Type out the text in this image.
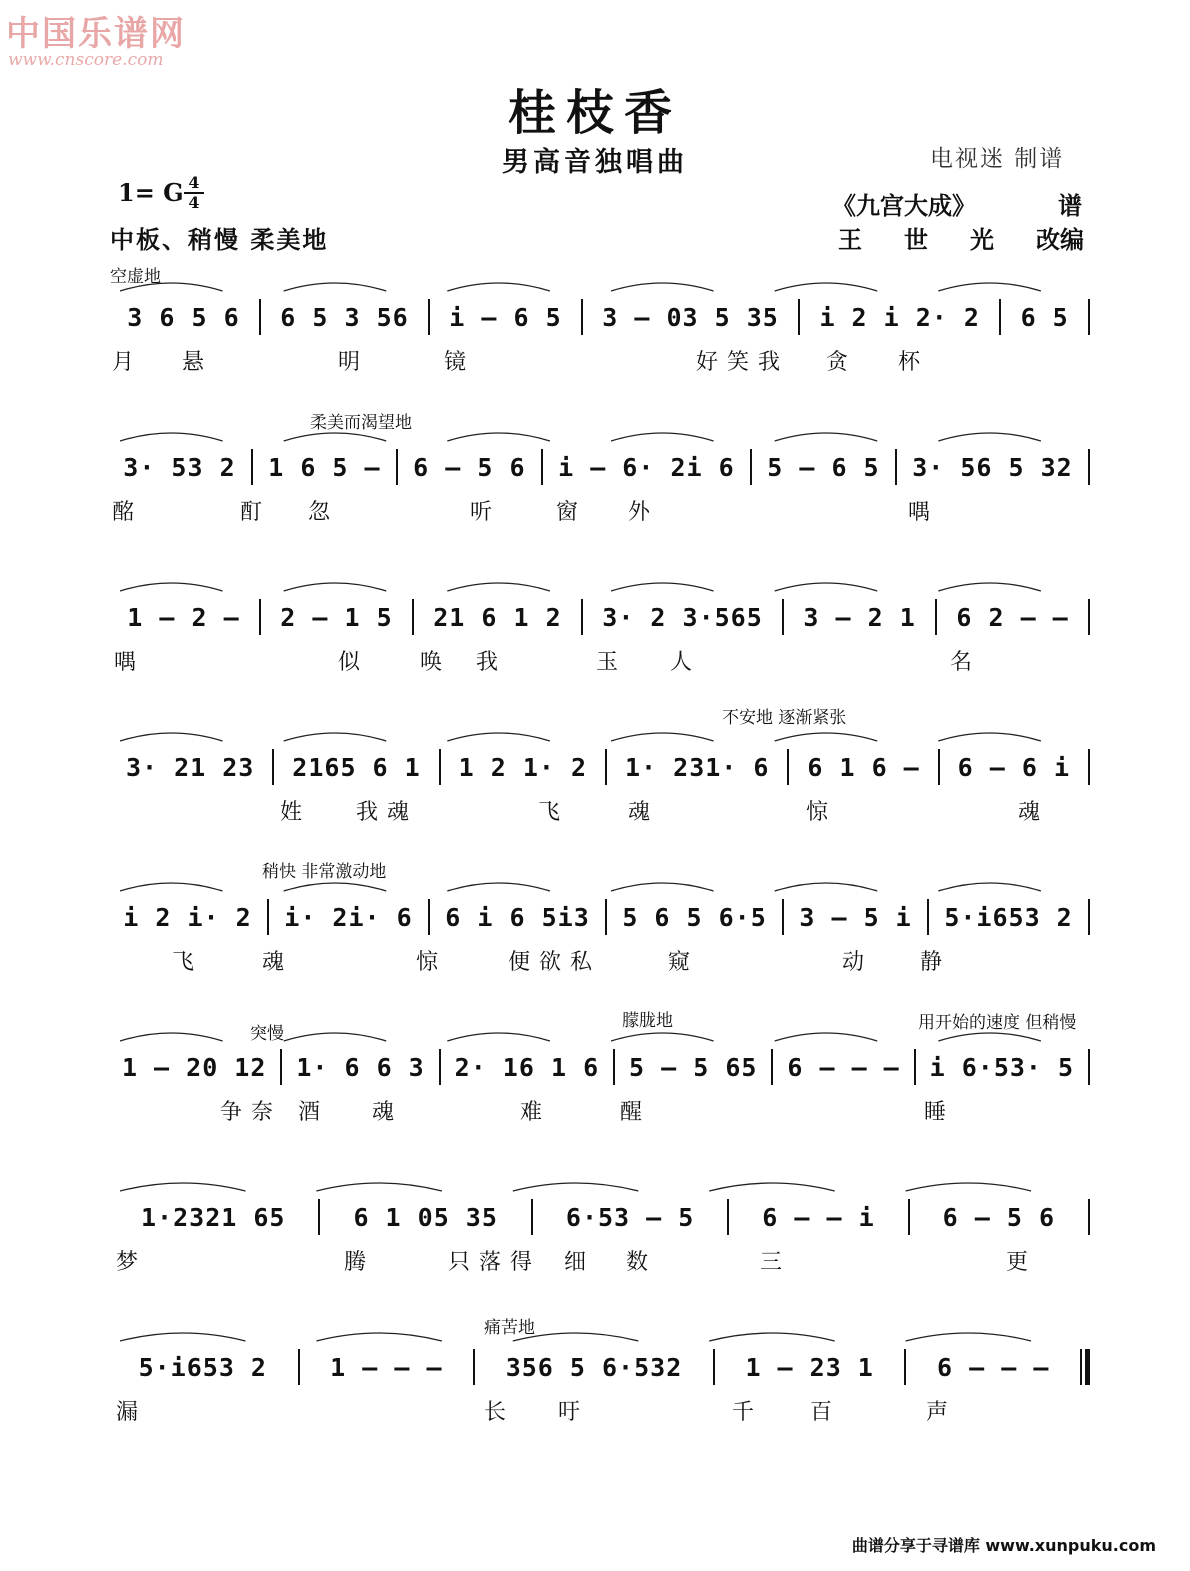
中国乐谱网
www.cnscore.com
桂枝香
男高音独唱曲	电视迷 制谱
1= G 4
4
中板、稍慢 柔美地
《九宫大成》	谱
王 世 光 改编
空虚地
柔美而渴望地
不安地 逐渐紧张
稍快 非常激动地
突慢
朦胧地	用开始的速度 但稍慢
痛苦地
3 6 5 6	6 5 3 56	i – 6 5	3 – 03 5 35	i 2 i 2· 2	6 5
月 悬	明	镜	好 笑 我 贪 杯
3· 53 2	1 6 5 –	6 – 5 6	i – 6· 2i 6	5 – 6 5	3· 56 5 32
酩	酊 忽	听	窗 外	喁
1 – 2 –	2 – 1 5	21 6 1 2	3· 2 3·565	3 – 2 1	6 2 – –
喁	似	唤 我	玉 人	名
3· 21 23	2165 6 1	1 2 1· 2	1· 231· 6	6 1 6 –	6 – 6 i
姓 我 魂	飞	魂	惊	魂
i 2 i· 2	i· 2i· 6	6 i 6 5i3	5 6 5 6·5	3 – 5 i	5·i653 2
飞	魂	惊	便 欲 私	窥	动 静
1 – 20 12	1· 6 6 3	2· 16 1 6	5 – 5 65	6 – – –	i 6·53· 5
争 奈 酒 魂	难	醒	睡
1·2321 65	6 1 05 35	6·53 – 5	6 – – i	6 – 5 6
梦	腾	只 落 得 细 数	三	更
5·i653 2	1 – – –	356 5 6·532	1 – 23 1	6 – – –
漏	长 吁	千 百	声
曲谱分享于寻谱库 www.xunpuku.com
